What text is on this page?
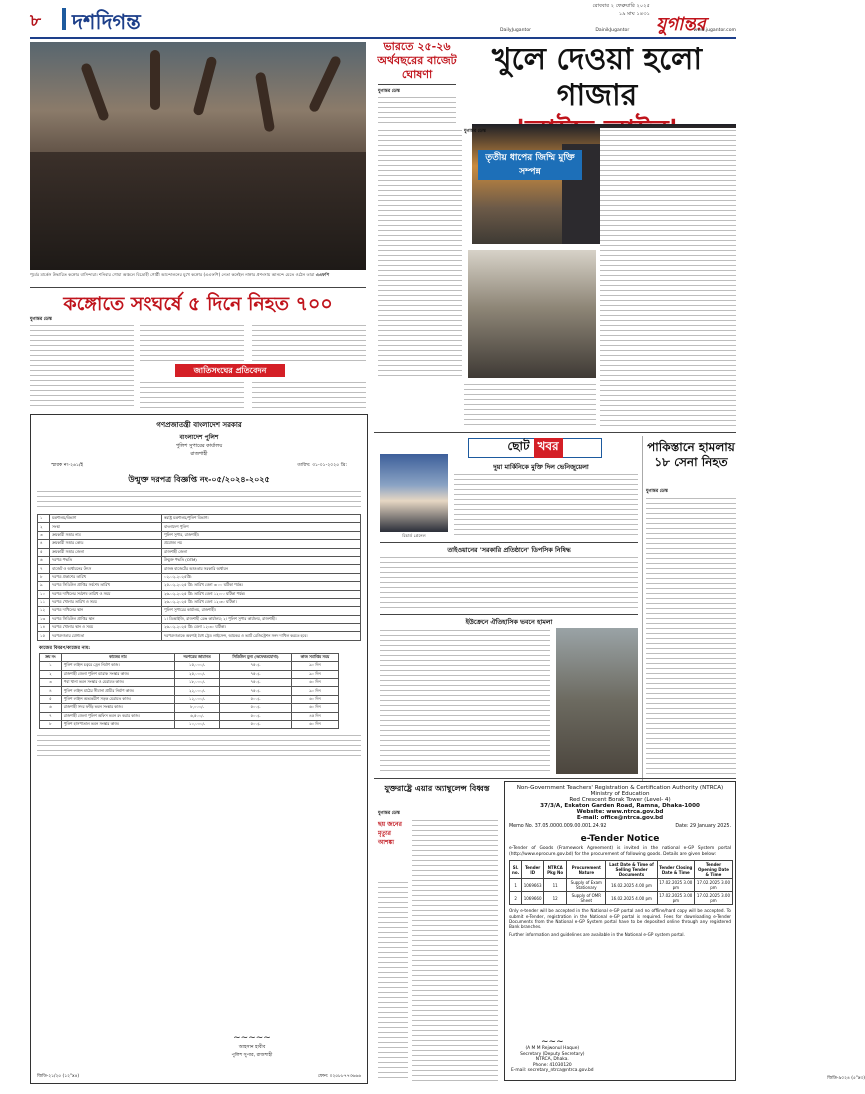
৮ দশদিগন্ত
রোববার ২ ফেব্রুয়ারি ২০২৫
১৯ মাঘ ১৪৩১ যুগান্তর
DailyJugantor	DainikJugantor	www.jugantor.com
পূর্বের মার্কেস উদ্ধারিত কঙ্গোর বাসিন্দারা। শনিবার গোমা অঞ্চলে বিদ্রোহী গোষ্ঠী আন্দোলনের মুখে কঙ্গোর (এএফপি) নেতা কর্নেইল নাঙ্গার প্রশংসায় আনন্দে মেতে ওঠেন তারা এএফপি
কঙ্গোতে সংঘর্ষে ৫ দিনে নিহত ৭০০
যুগান্তর ডেস্ক
জাতিসংঘের প্রতিবেদন
ভারতে ২৫-২৬ অর্থবছরের বাজেট ঘোষণা
যুগান্তর ডেস্ক
খুলে দেওয়া হলো গাজার
তৃতীয় ধাপের জিম্মি মুক্তি সম্পন্ন
যুগান্তর ডেস্ক
ছোট খবর
দুয়া মার্কিনিকে মুক্তি দিল ভেনিজুয়েলা
রিচার্ড গ্রেনেল
তাইওয়ানের 'সরকারি প্রতিষ্ঠানে' ডিপসিক নিষিদ্ধ
ইউক্রেনে ঐতিহাসিক ভবনে হামলা
পাকিস্তানে হামলায় ১৮ সেনা নিহত
যুগান্তর ডেস্ক
যুক্তরাষ্ট্রে এয়ার অ্যাম্বুলেন্স বিধ্বস্ত
যুগান্তর ডেস্ক
ছয় জনের মৃত্যুর আশঙ্কা
গণপ্রজাতন্ত্রী বাংলাদেশ সরকার
বাংলাদেশ পুলিশ
পুলিশ সুপারের কার্যালয়
রাজশাহী
স্মারক নং-২৬১/ই	তারিখ: ৩১-০১-২০২৫ খ্রি:
উন্মুক্ত দরপত্র বিজ্ঞপ্তি নং-০৫/২০২৪-২০২৫
১	মন্ত্রণালয়/বিভাগ	স্বরাষ্ট্র মন্ত্রণালয়/পুলিশ বিভাগ।
২	সংস্থা	বাংলাদেশ পুলিশ
৩	ক্রয়কারী সত্তার নাম	পুলিশ সুপার, রাজশাহী।
৪	ক্রয়কারী সত্তার কোড	প্রযোজ্য নয়
৫	ক্রয়কারী সত্তার জেলা	রাজশাহী জেলা
৬	দরপত্র পদ্ধতি	উন্মুক্ত পদ্ধতি (OTM)
৭	বাজেট ও অর্থায়নের উৎস	রাজস্ব বাজেটের আওতায় সরকারি অর্থায়ন
৮	দরপত্র প্রকাশের তারিখ	০২-০২-২০২৫খ্রি:
৯	দরপত্র সিডিউল প্রাপ্তির সর্বশেষ তারিখ	২৫-০২-২০২৫ খ্রি: তারিখ বেলা ৩:০০ ঘটিকা পর্যন্ত।
১০	দরপত্র দাখিলের সর্বশেষ তারিখ ও সময়	২৬-০২-২০২৫ খ্রি: তারিখ বেলা ১২:০০ ঘটিকা পর্যন্ত।
১১	দরপত্র খোলার তারিখ ও সময়	২৬-০২-২০২৫ খ্রি: তারিখ বেলা ১২:৩০ ঘটিকা।
১২	দরপত্র দাখিলের স্থান	পুলিশ সুপারের কার্যালয়, রাজশাহী।
১৩	দরপত্র সিডিউল প্রাপ্তির স্থান	১। ডিআইজি, রাজশাহী রেঞ্জ কার্যালয়; ২। পুলিশ সুপার কার্যালয়, রাজশাহী।
১৪	দরপত্র খোলার স্থান ও সময়	২৬-০২-২০২৫ খ্রি: বেলা ১২:৩০ ঘটিকা।
১৫	দরপত্রদাতার যোগ্যতা	দরপত্রদাতাকে অবশ্যই বৈধ ট্রেড লাইসেন্স, আয়কর ও ভ্যাট রেজিস্ট্রেশন সনদ দাখিল করতে হবে।
কাজের বিবরণ/কাজের নাম:
ক্রম নং	কাজের নাম	দরপত্রের জামানত	সিডিউল মূল্য (অফেরতযোগ্য)	কাজ সমাপ্তির সময়
১	পুলিশ লাইন্স চত্বরে ড্রেন নির্মাণ কাজ।	১৫,০০০/-	৭৫০/-	৯০ দিন
২	রাজশাহী জেলা পুলিশ ব্যারাক সংস্কার কাজ।	২৫,০০০/-	৭৫০/-	৯০ দিন
৩	পবা থানা ভবন সংস্কার ও মেরামত কাজ।	১৮,০০০/-	৭৫০/-	৬০ দিন
৪	পুলিশ লাইন্স মাঠের সীমানা প্রাচীর নির্মাণ কাজ।	২২,০০০/-	৭৫০/-	৯০ দিন
৫	পুলিশ লাইন্স অভ্যন্তরীণ সড়ক মেরামত কাজ।	১২,০০০/-	৫০০/-	৬০ দিন
৬	রাজশাহী সদর ফাঁড়ি ভবন সংস্কার কাজ।	৮,০০০/-	৫০০/-	৬০ দিন
৭	রাজশাহী জেলা পুলিশ অফিস ভবন রং করার কাজ।	৬,৫০০/-	৫০০/-	৪৫ দিন
৮	পুলিশ হাসপাতাল ভবন সংস্কার কাজ।	১০,০০০/-	৫০০/-	৬০ দিন
~~~~~
আহসান হাবীব
পুলিশ সুপার, রাজশাহী
জিডি-২১/২৫ (১২"x৪)	ফোন: ০২৫৮৮৭৭৩৬৬৬
Non-Government Teachers' Registration & Certification Authority (NTRCA)
Ministry of Education
Red Crescent Borak Tower (Level- 4)
37/3/A, Eskaton Garden Road, Ramna, Dhaka-1000
Website: www.ntrca.gov.bd
E-mail: office@ntrca.gov.bd
Memo No. 37.05.0000.009.00.001.24.92	Date: 29 January 2025.
e-Tender Notice
e-Tender of Goods (Framework Agreement) is invited in the national e-GP System portal (http://www.eprocure.gov.bd) for the procurement of following goods. Details are given below:
Sl. no.	Tender ID	NTRCA Pkg No	Procurement Nature	Last Date & Time of Selling Tender Documents	Tender Closing Date & Time	Tender Opening Date & Time
1	1069663	11	Supply of Exam Stationary	16.02.2025 4.00 pm	17.02.2025 3.00 pm	17.02.2025 3.00 pm
2	1069660	12	Supply of OMR Sheet	16.02.2025 4.00 pm	17.02.2025 3.00 pm	17.02.2025 3.00 pm
Only e-tender will be accepted in the National e-GP portal and no offline/hard copy will be accepted. To submit e-Tender, registration in the National e-GP portal is required. Fees for downloading e-Tender Documents from the National e-GP System portal have to be deposited online through any registered Bank branches.
Further information and guidelines are available in the National e-GP system portal.
~~~
(A M M Rejwonul Haque)
Secretary (Deputy Secretary)
NTRCA, Dhaka.
Phone: 41030120
E-mail: secretary_ntrca@ntrca.gov.bd
জিডি-৯০২৪ (৫"x৩)
